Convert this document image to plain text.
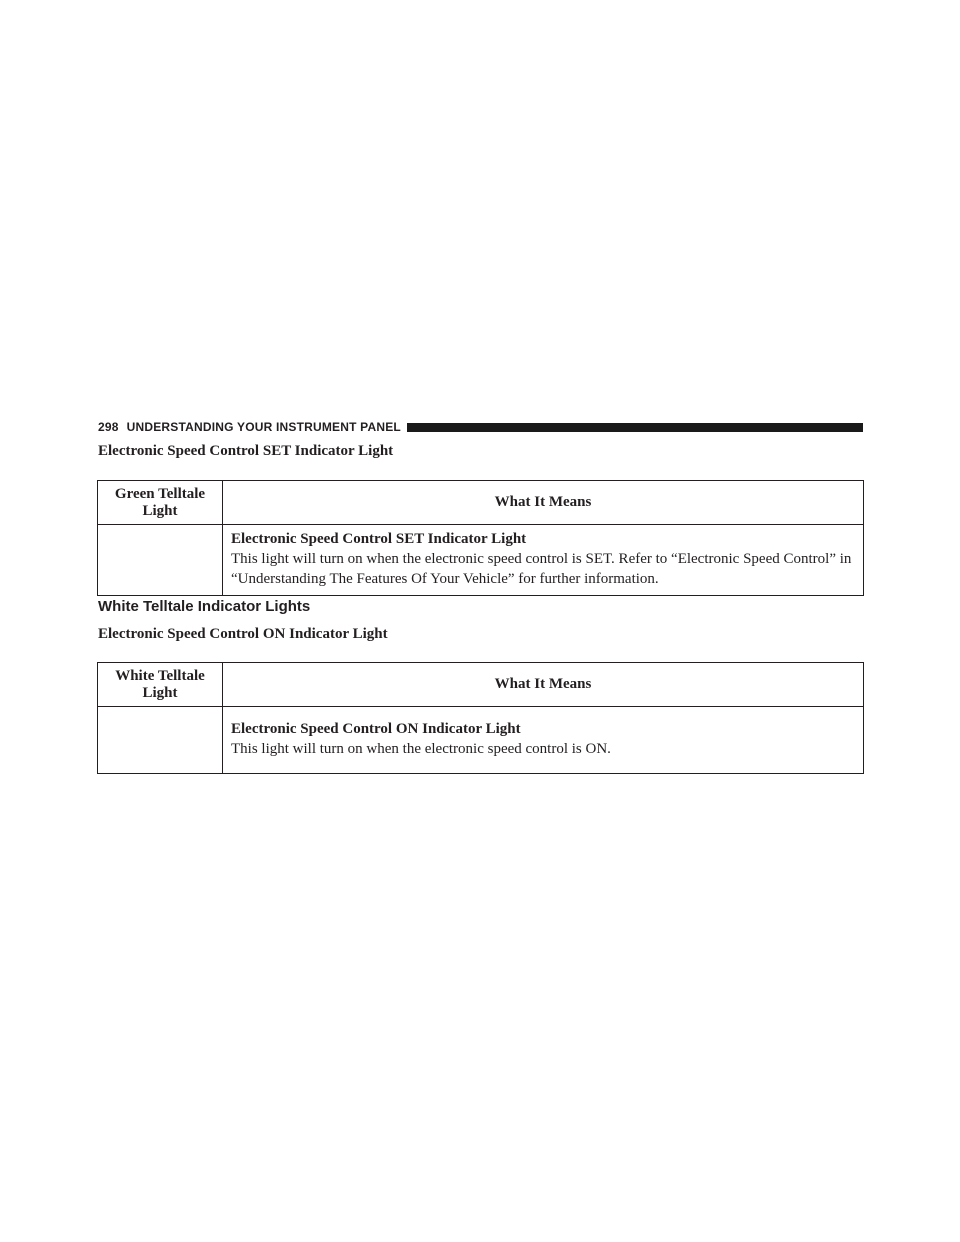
298 UNDERSTANDING YOUR INSTRUMENT PANEL
Electronic Speed Control SET Indicator Light
Green Telltale Light	What It Means

	Electronic Speed Control SET Indicator Light
This light will turn on when the electronic speed control is SET. Refer to “Electronic Speed Control” in “Understanding The Features Of Your Vehicle” for further information.
White Telltale Indicator Lights
Electronic Speed Control ON Indicator Light
White Telltale Light	What It Means

	Electronic Speed Control ON Indicator Light
This light will turn on when the electronic speed control is ON.
